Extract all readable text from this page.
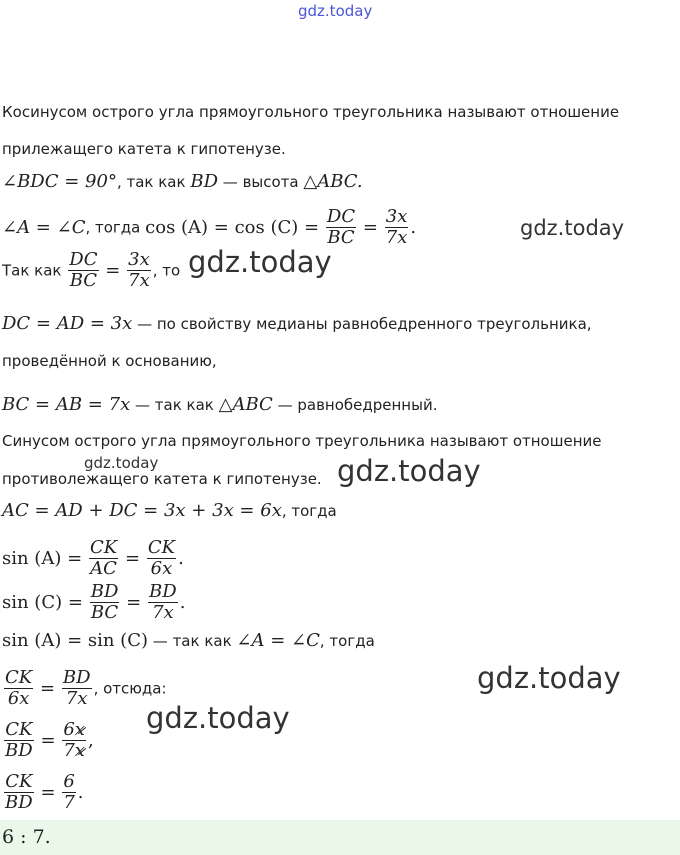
gdz.today
gdz.today
gdz.today
gdz.today	gdz.today
gdz.today
gdz.today
Косинусом острого угла прямоугольного треугольника называют отношение
прилежащего катета к гипотенузе.
∠BDC = 90°, так как BD — высота △ABC.
∠A = ∠C, тогда $\cos (A) = \cos (C) = \frac{DC}{BC} = \frac{3x}{7x}$ .
Так как $\frac{DC}{BC} = \frac{3x}{7x}$ , то
DC = AD = 3x — по свойству медианы равнобедренного треугольника,
проведённой к основанию,
BC = AB = 7x — так как △ABC — равнобедренный.
Синусом острого угла прямоугольного треугольника называют отношение
противолежащего катета к гипотенузе.
AC = AD + DC = 3x + 3x = 6x, тогда
$\sin (A) = \frac{CK}{AC} = \frac{CK}{6x}$ .
$\sin (C) = \frac{BD}{BC} = \frac{BD}{7x}$ .
sin (A) = sin (C) — так как ∠A = ∠C, тогда
$\frac{CK}{6x} = \frac{BD}{7x}$ , отсюда:
$\frac{CK}{BD} = \frac{6x}{7x}$ ,
$\frac{CK}{BD} = \frac{6}{7}$ .
6 : 7.
